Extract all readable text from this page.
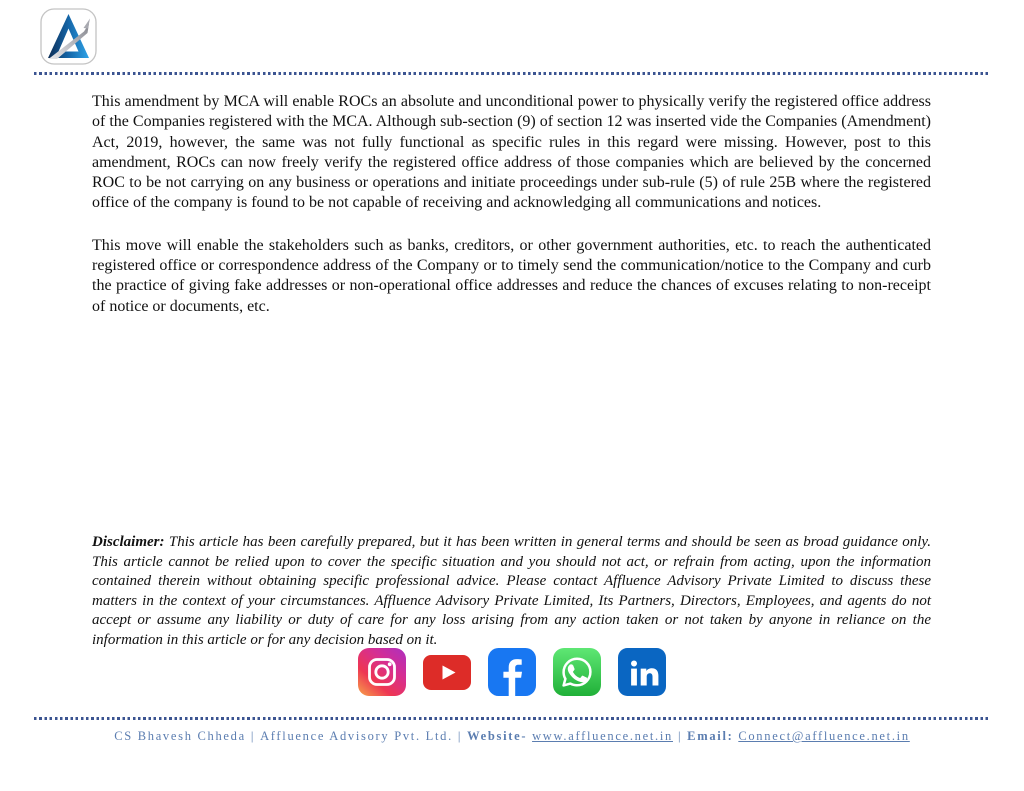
This amendment by MCA will enable ROCs an absolute and unconditional power to physically verify the registered office address of the Companies registered with the MCA. Although sub-section (9) of section 12 was inserted vide the Companies (Amendment) Act, 2019, however, the same was not fully functional as specific rules in this regard were missing. However, post to this amendment, ROCs can now freely verify the registered office address of those companies which are believed by the concerned ROC to be not carrying on any business or operations and initiate proceedings under sub-rule (5) of rule 25B where the registered office of the company is found to be not capable of receiving and acknowledging all communications and notices.

This move will enable the stakeholders such as banks, creditors, or other government authorities, etc. to reach the authenticated registered office or correspondence address of the Company or to timely send the communication/notice to the Company and curb the practice of giving fake addresses or non-operational office addresses and reduce the chances of excuses relating to non-receipt of notice or documents, etc.

Disclaimer: This article has been carefully prepared, but it has been written in general terms and should be seen as broad guidance only. This article cannot be relied upon to cover the specific situation and you should not act, or refrain from acting, upon the information contained therein without obtaining specific professional advice. Please contact Affluence Advisory Private Limited to discuss these matters in the context of your circumstances. Affluence Advisory Private Limited, Its Partners, Directors, Employees, and agents do not accept or assume any liability or duty of care for any loss arising from any action taken or not taken by anyone in reliance on the information in this article or for any decision based on it.

CS Bhavesh Chheda | Affluence Advisory Pvt. Ltd. | Website- www.affluence.net.in | Email: Connect@affluence.net.in
